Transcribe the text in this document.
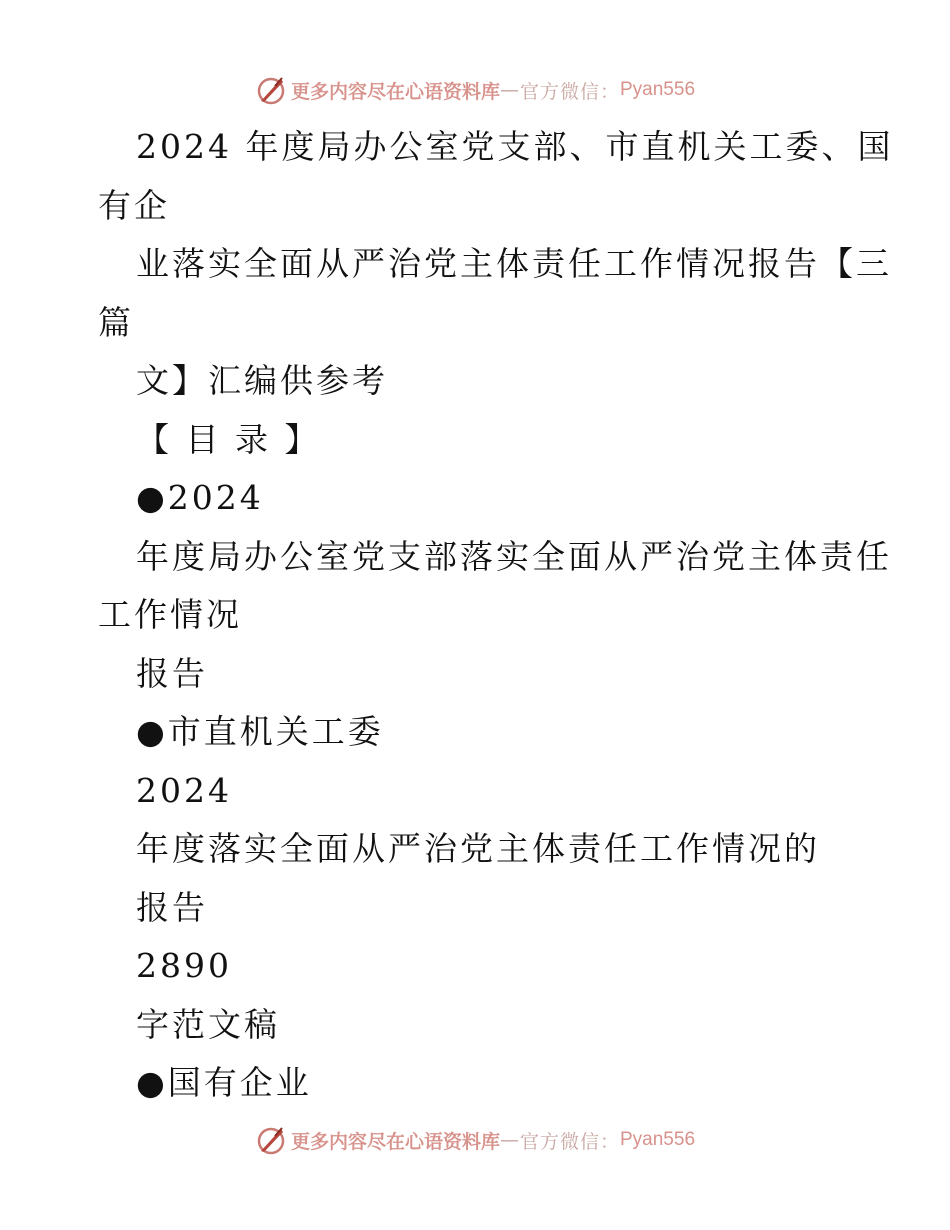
更多内容尽在心语资料库 — 官方微信： Pyan556
2024 年度局办公室党支部、市直机关工委、国
有企
业落实全面从严治党主体责任工作情况报告【三
篇
文】汇编供参考
【 目 录 】
●2024
年度局办公室党支部落实全面从严治党主体责任
工作情况
报告
●市直机关工委
2024
年度落实全面从严治党主体责任工作情况的
报告
2890
字范文稿
●国有企业
更多内容尽在心语资料库 — 官方微信： Pyan556
